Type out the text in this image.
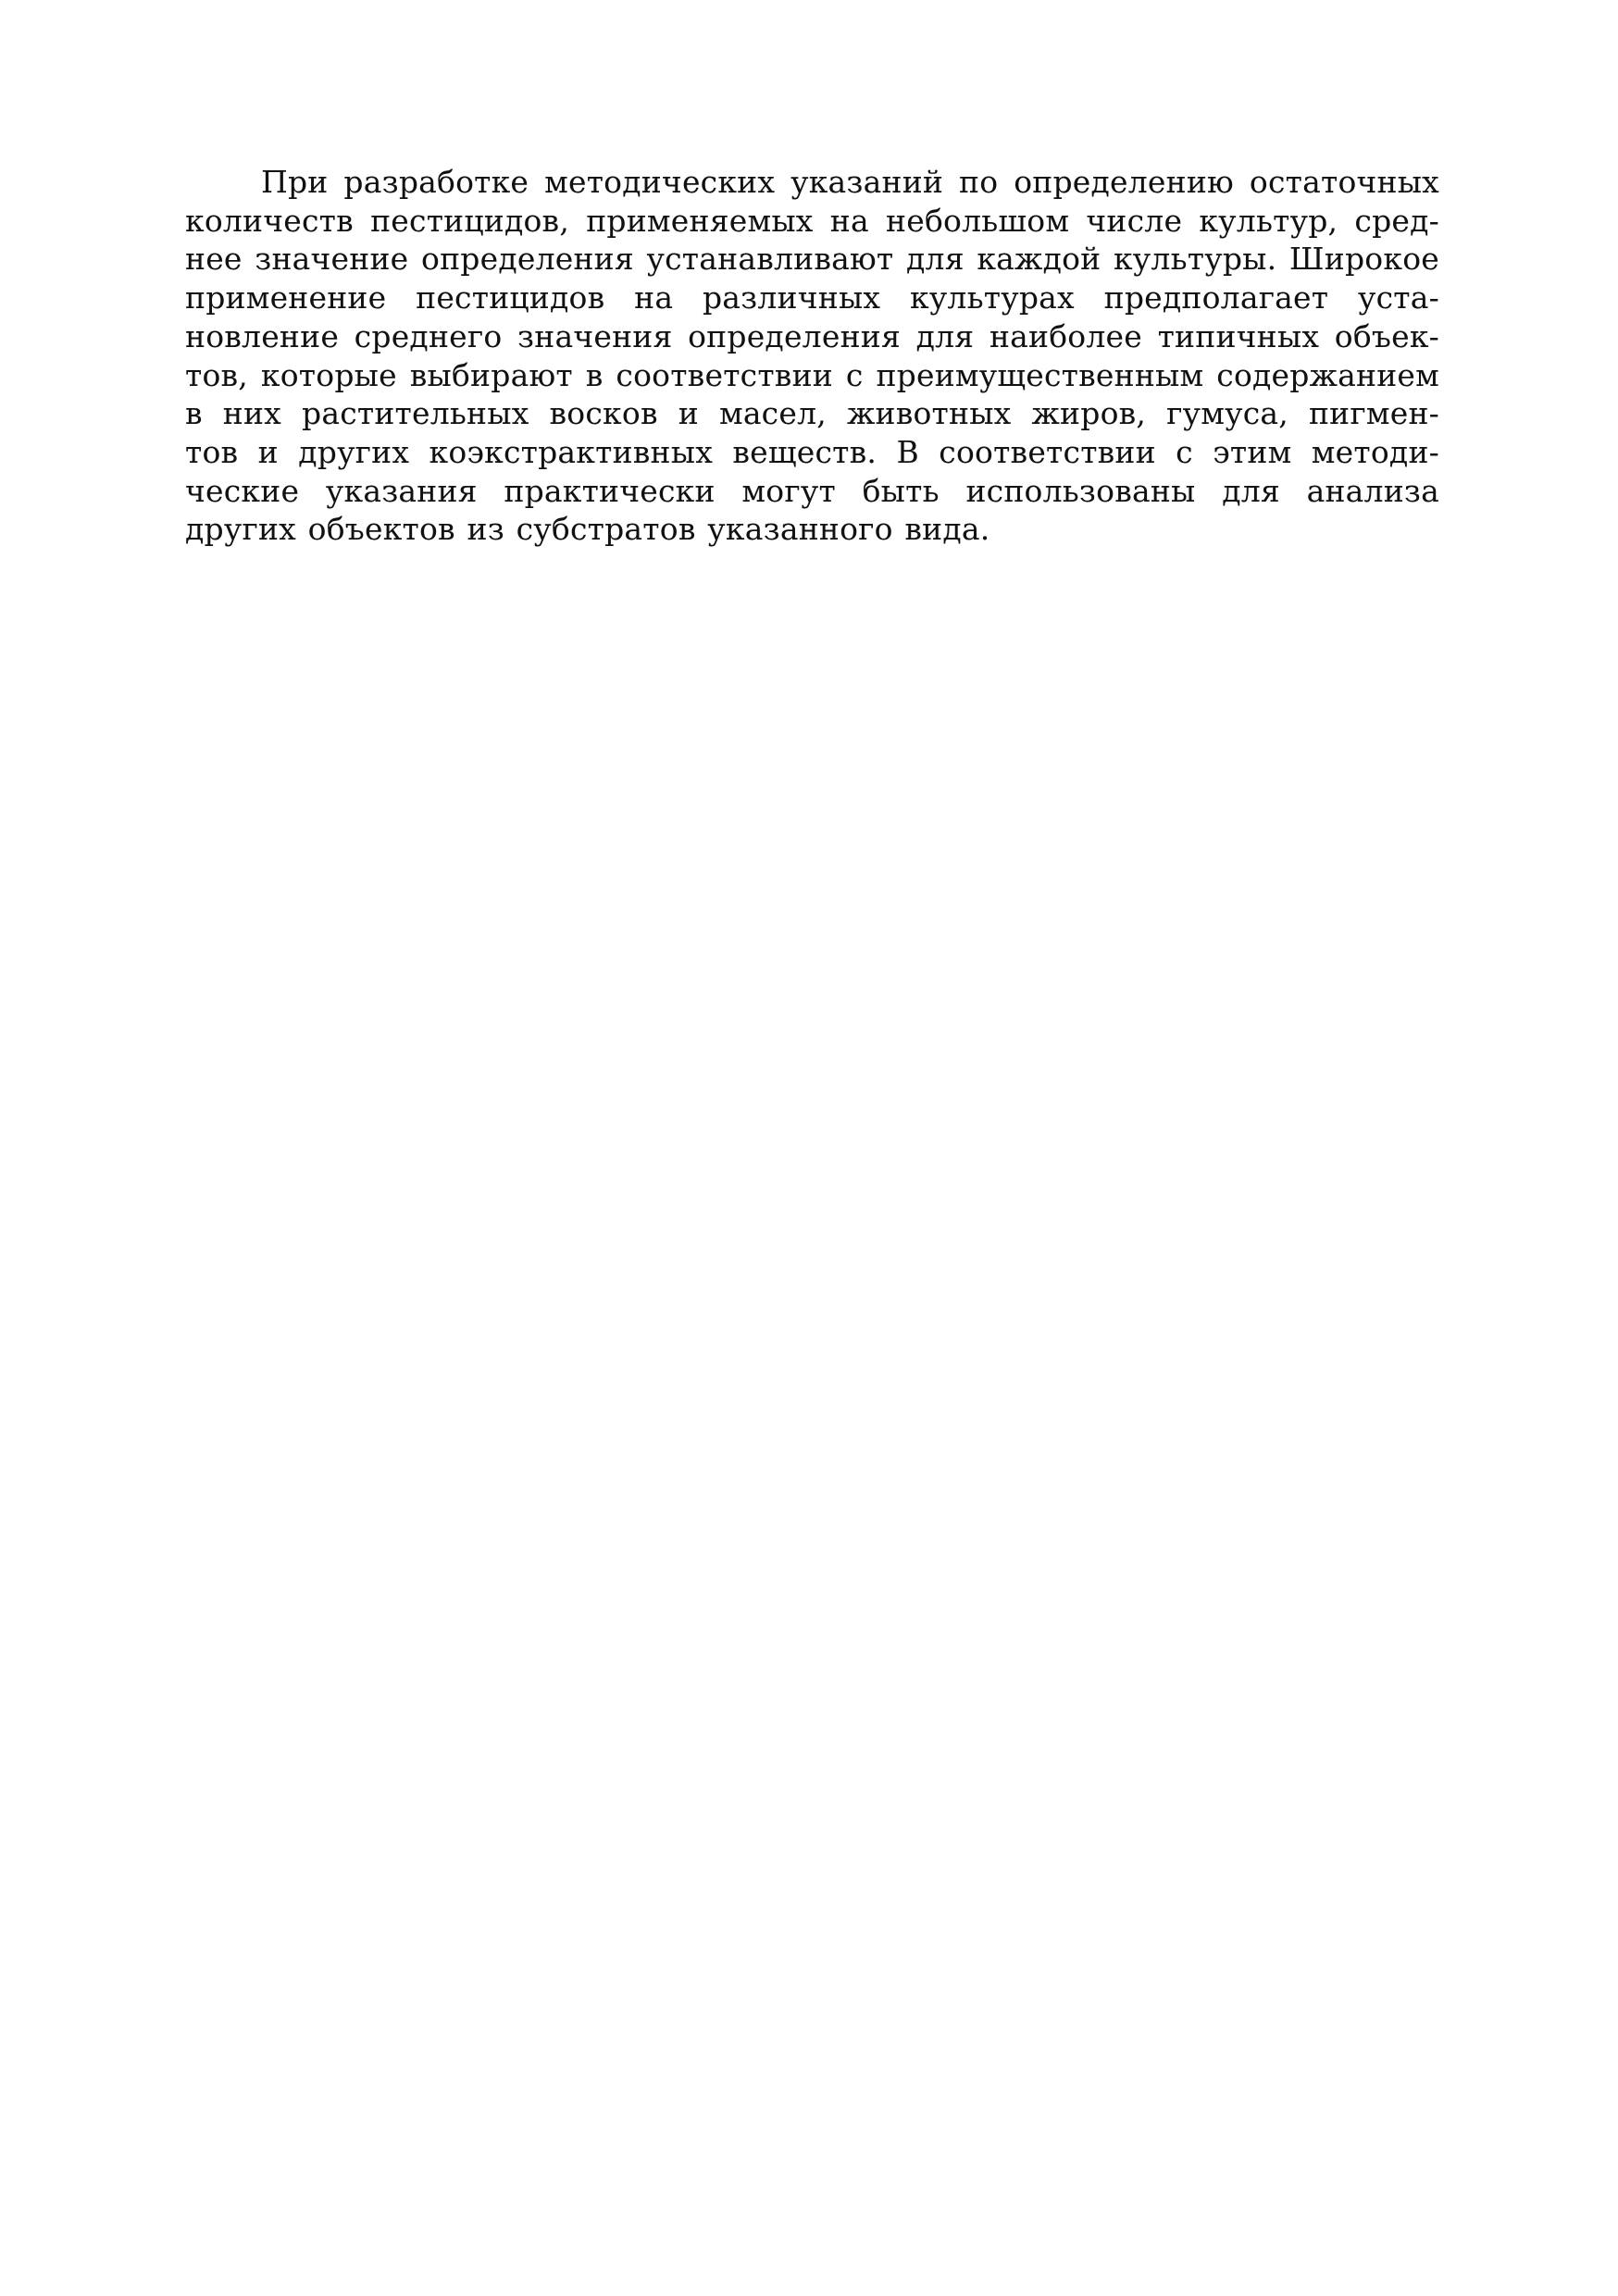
При разработке методических указаний по определению остаточных
количеств пестицидов, применяемых на небольшом числе культур, сред-
нее значение определения устанавливают для каждой культуры. Широкое
применение пестицидов на различных культурах предполагает уста-
новление среднего значения определения для наиболее типичных объек-
тов, которые выбирают в соответствии с преимущественным содержанием
в них растительных восков и масел, животных жиров, гумуса, пигмен-
тов и других коэкстрактивных веществ. В соответствии с этим методи-
ческие указания практически могут быть использованы для анализа
других объектов из субстратов указанного вида.
